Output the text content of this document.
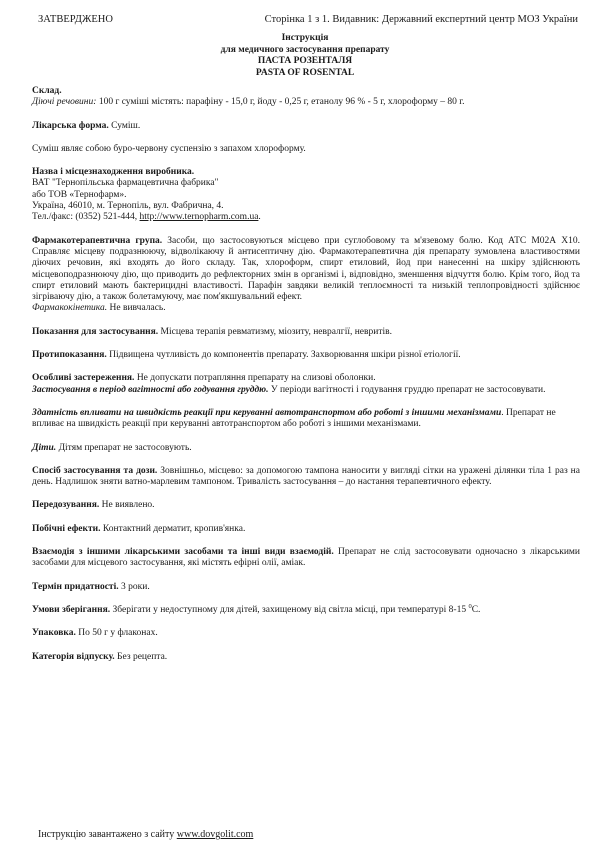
ЗАТВЕРДЖЕНО	Сторінка 1 з 1. Видавник: Державний експертний центр МОЗ України
Інструкція
для медичного застосування препарату
ПАСТА РОЗЕНТАЛЯ
PASTA OF ROSENTAL

Склад.

Діючі речовини: 100 г суміші містять: парафіну - 15,0 г, йоду - 0,25 г, етанолу 96 % - 5 г, хлороформу – 80 г.

Лікарська форма. Суміш.

Суміш являє собою буро-червону суспензію з запахом хлороформу.

Назва і місцезнаходження виробника.

ВАТ "Тернопільська фармацевтична фабрика"

або ТОВ «Тернофарм».

Україна, 46010, м. Тернопіль, вул. Фабрична, 4.

Тел./факс: (0352) 521-444, http://www.ternopharm.com.ua.

Фармакотерапевтична група. Засоби, що застосовуються місцево при суглобовому та м'язевому болю. Код АТС М02А Х10. Справляє місцеву подразнюючу, відволікаючу й антисептичну дію. Фармакотерапевтична дія препарату зумовлена властивостями діючих речовин, які входять до його складу. Так, хлороформ, спирт етиловий, йод при нанесенні на шкіру здійснюють місцевоподразнюючу дію, що приводить до рефлекторних змін в організмі і, відповідно, зменшення відчуття болю. Крім того, йод та спирт етиловий мають бактерицидні властивості. Парафін завдяки великій теплоємності та низькій теплопровідності здійснює зігріваючу дію, а також болетамуючу, має пом'якшувальний ефект.

Фармакокінетика. Не вивчалась.

Показання для застосування. Місцева терапія ревматизму, міозиту, невралгії, невритів.

Протипоказання. Підвищена чутливість до компонентів препарату. Захворювання шкіри різної етіології.

Особливі застереження. Не допускати потрапляння препарату на слизові оболонки.

Застосування в період вагітності або годування груддю. У періоди вагітності і годування груддю препарат не застосовувати.

Здатність впливати на швидкість реакції при керуванні автотранспортом або роботі з іншими механізмами. Препарат не впливає на швидкість реакції при керуванні автотранспортом або роботі з іншими механізмами.

Діти. Дітям препарат не застосовують.

Спосіб застосування та дози. Зовнішньо, місцево: за допомогою тампона наносити у вигляді сітки на уражені ділянки тіла 1 раз на день. Надлишок зняти ватно-марлевим тампоном. Тривалість застосування – до настання терапевтичного ефекту.

Передозування. Не виявлено.

Побічні ефекти. Контактний дерматит, кропив'янка.

Взаємодія з іншими лікарськими засобами та інші види взаємодій. Препарат не слід застосовувати одночасно з лікарськими засобами для місцевого застосування, які містять ефірні олії, аміак.

Термін придатності. 3 роки.

Умови зберігання. Зберігати у недоступному для дітей, захищеному від світла місці, при температурі 8-15 $^0$С.

Упаковка. По 50 г у флаконах.

Категорія відпуску. Без рецепта.

Інструкцію завантажено з сайту www.dovgolit.com
